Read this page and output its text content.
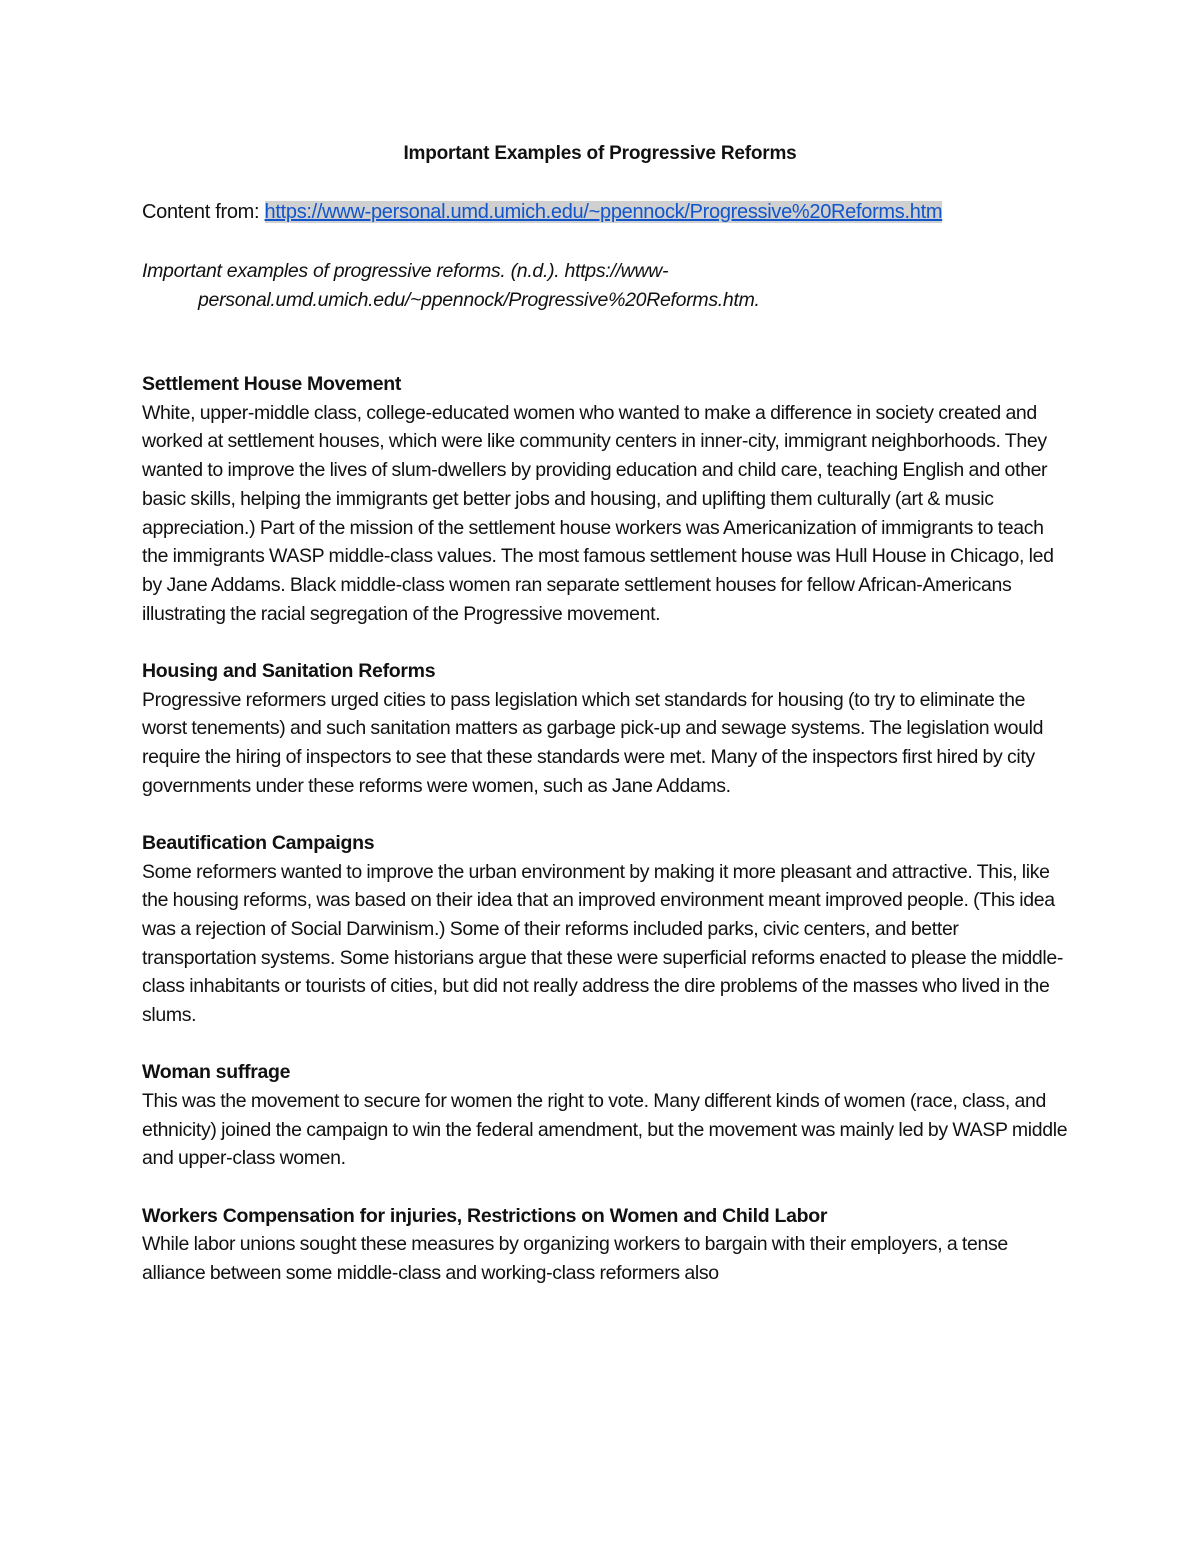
Important Examples of Progressive Reforms
Content from: https://www-personal.umd.umich.edu/~ppennock/Progressive%20Reforms.htm
Important examples of progressive reforms. (n.d.). https://www-
personal.umd.umich.edu/~ppennock/Progressive%20Reforms.htm.
Settlement House Movement
White, upper-middle class, college-educated women who wanted to make a difference in society created and worked at settlement houses, which were like community centers in inner-city, immigrant neighborhoods. They wanted to improve the lives of slum-dwellers by providing education and child care, teaching English and other basic skills, helping the immigrants get better jobs and housing, and uplifting them culturally (art & music appreciation.) Part of the mission of the settlement house workers was Americanization of immigrants to teach the immigrants WASP middle-class values. The most famous settlement house was Hull House in Chicago, led by Jane Addams. Black middle-class women ran separate settlement houses for fellow African-Americans illustrating the racial segregation of the Progressive movement.
Housing and Sanitation Reforms
Progressive reformers urged cities to pass legislation which set standards for housing (to try to eliminate the worst tenements) and such sanitation matters as garbage pick-up and sewage systems. The legislation would require the hiring of inspectors to see that these standards were met. Many of the inspectors first hired by city governments under these reforms were women, such as Jane Addams.
Beautification Campaigns
Some reformers wanted to improve the urban environment by making it more pleasant and attractive. This, like the housing reforms, was based on their idea that an improved environment meant improved people. (This idea was a rejection of Social Darwinism.) Some of their reforms included parks, civic centers, and better transportation systems. Some historians argue that these were superficial reforms enacted to please the middle-class inhabitants or tourists of cities, but did not really address the dire problems of the masses who lived in the slums.
Woman suffrage
This was the movement to secure for women the right to vote. Many different kinds of women (race, class, and ethnicity) joined the campaign to win the federal amendment, but the movement was mainly led by WASP middle and upper-class women.
Workers Compensation for injuries, Restrictions on Women and Child Labor
While labor unions sought these measures by organizing workers to bargain with their employers, a tense alliance between some middle-class and working-class reformers also
